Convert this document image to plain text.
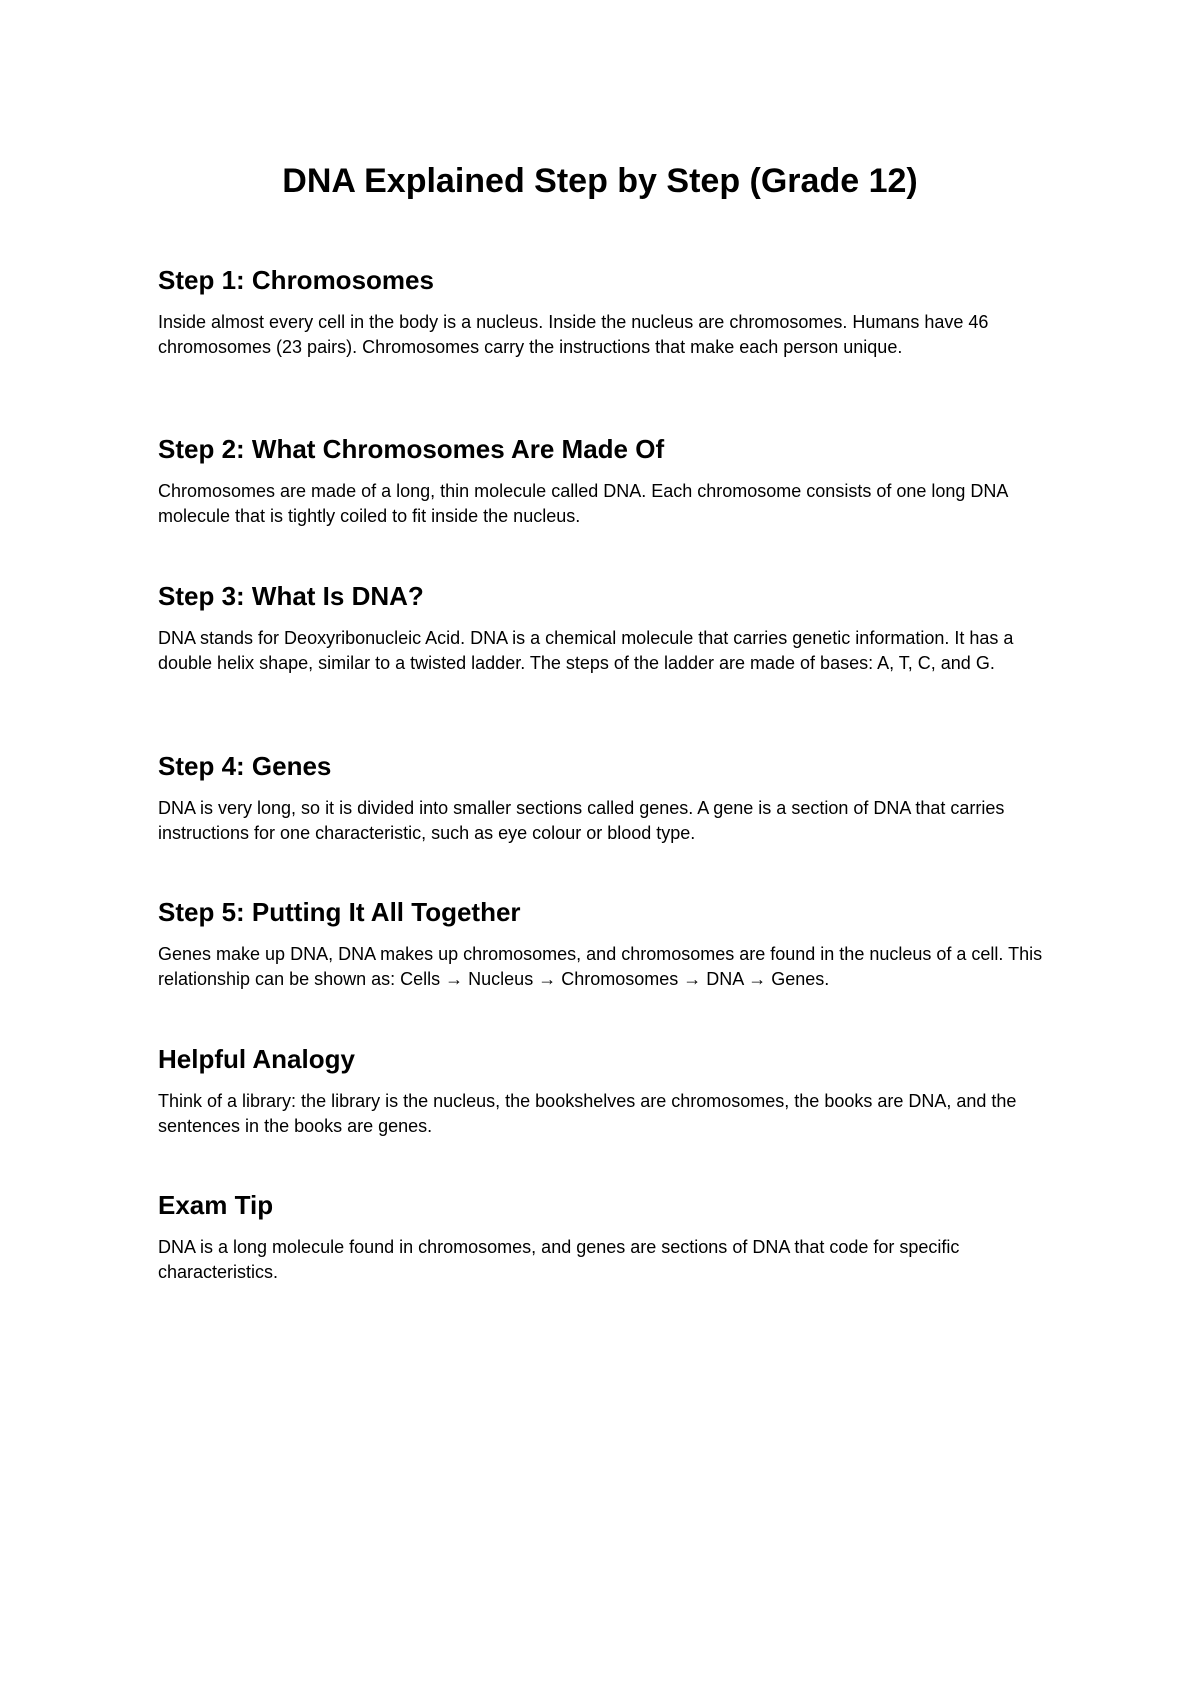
DNA Explained Step by Step (Grade 12)
Step 1: Chromosomes

Inside almost every cell in the body is a nucleus. Inside the nucleus are chromosomes. Humans have 46 chromosomes (23 pairs). Chromosomes carry the instructions that make each person unique.

Step 2: What Chromosomes Are Made Of

Chromosomes are made of a long, thin molecule called DNA. Each chromosome consists of one long DNA molecule that is tightly coiled to fit inside the nucleus.

Step 3: What Is DNA?

DNA stands for Deoxyribonucleic Acid. DNA is a chemical molecule that carries genetic information. It has a double helix shape, similar to a twisted ladder. The steps of the ladder are made of bases: A, T, C, and G.

Step 4: Genes

DNA is very long, so it is divided into smaller sections called genes. A gene is a section of DNA that carries instructions for one characteristic, such as eye colour or blood type.

Step 5: Putting It All Together

Genes make up DNA, DNA makes up chromosomes, and chromosomes are found in the nucleus of a cell. This relationship can be shown as: Cells → Nucleus → Chromosomes → DNA → Genes.

Helpful Analogy

Think of a library: the library is the nucleus, the bookshelves are chromosomes, the books are DNA, and the sentences in the books are genes.

Exam Tip

DNA is a long molecule found in chromosomes, and genes are sections of DNA that code for specific characteristics.
